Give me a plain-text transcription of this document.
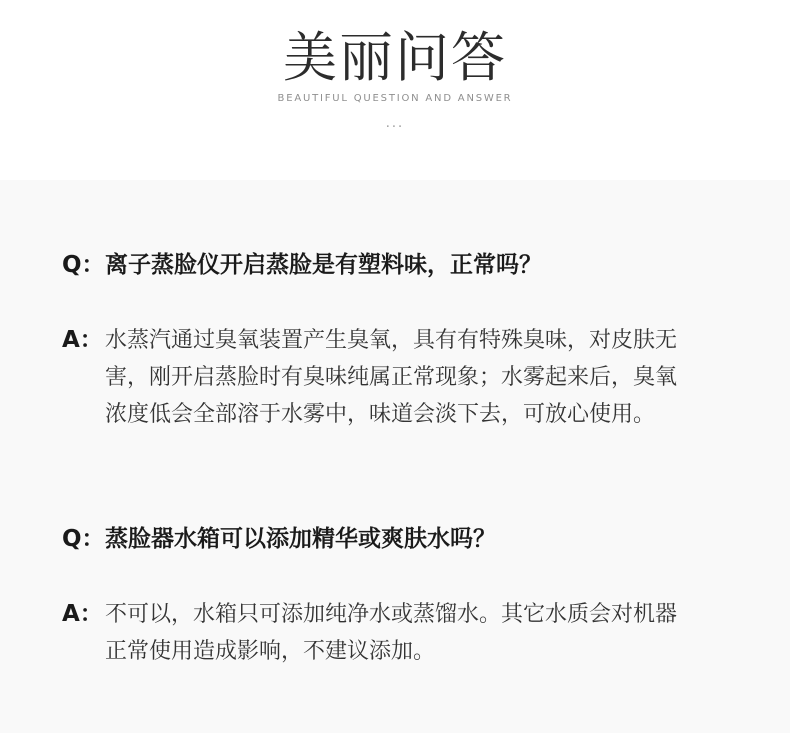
美丽问答
BEAUTIFUL QUESTION AND ANSWER
...
Q： 离子蒸脸仪开启蒸脸是有塑料味，正常吗？
A： 水蒸汽通过臭氧装置产生臭氧，具有有特殊臭味，对皮肤无
害，刚开启蒸脸时有臭味纯属正常现象；水雾起来后，臭氧
浓度低会全部溶于水雾中，味道会淡下去，可放心使用。
Q： 蒸脸器水箱可以添加精华或爽肤水吗？
A： 不可以，水箱只可添加纯净水或蒸馏水。其它水质会对机器
正常使用造成影响，不建议添加。
